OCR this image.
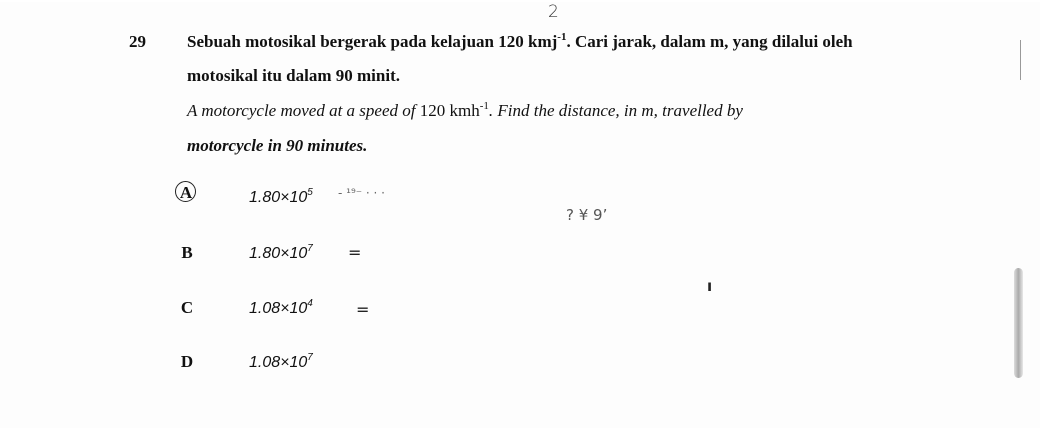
2
29 Sebuah motosikal bergerak pada kelajuan 120 kmj$^{-1}$. Cari jarak, dalam m, yang dilalui oleh
motosikal itu dalam 90 minit.
A motorcycle moved at a speed of 120 kmh$^{-1}$. Find the distance, in m, travelled by
motorcycle in 90 minutes.
A	$1.80\times 10^5 - ^{19-}$ · · ·
B	$1.80\times 10^7$ =
C	$1.08\times 10^4$	=
D	$1.08\times 10^7$
? ¥ 9ʼ
ı
